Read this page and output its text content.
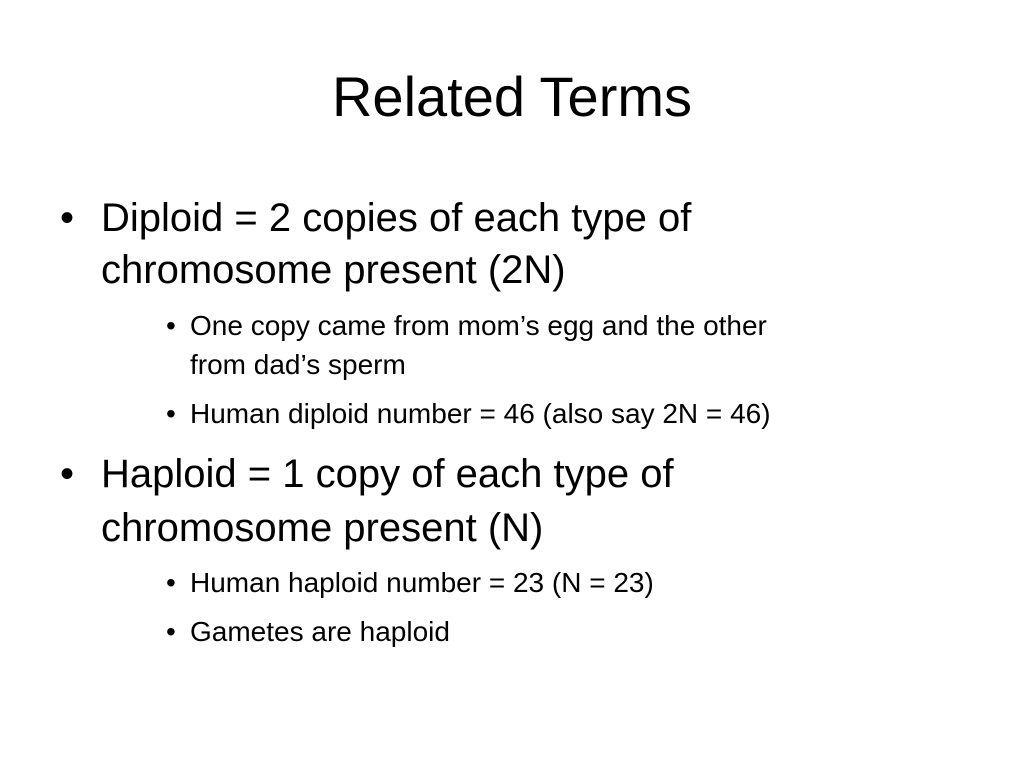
Related Terms
• Diploid = 2 copies of each type of
chromosome present (2N)
• One copy came from mom’s egg and the other
from dad’s sperm
• Human diploid number = 46 (also say 2N = 46)
• Haploid = 1 copy of each type of
chromosome present (N)
• Human haploid number = 23 (N = 23)
• Gametes are haploid
